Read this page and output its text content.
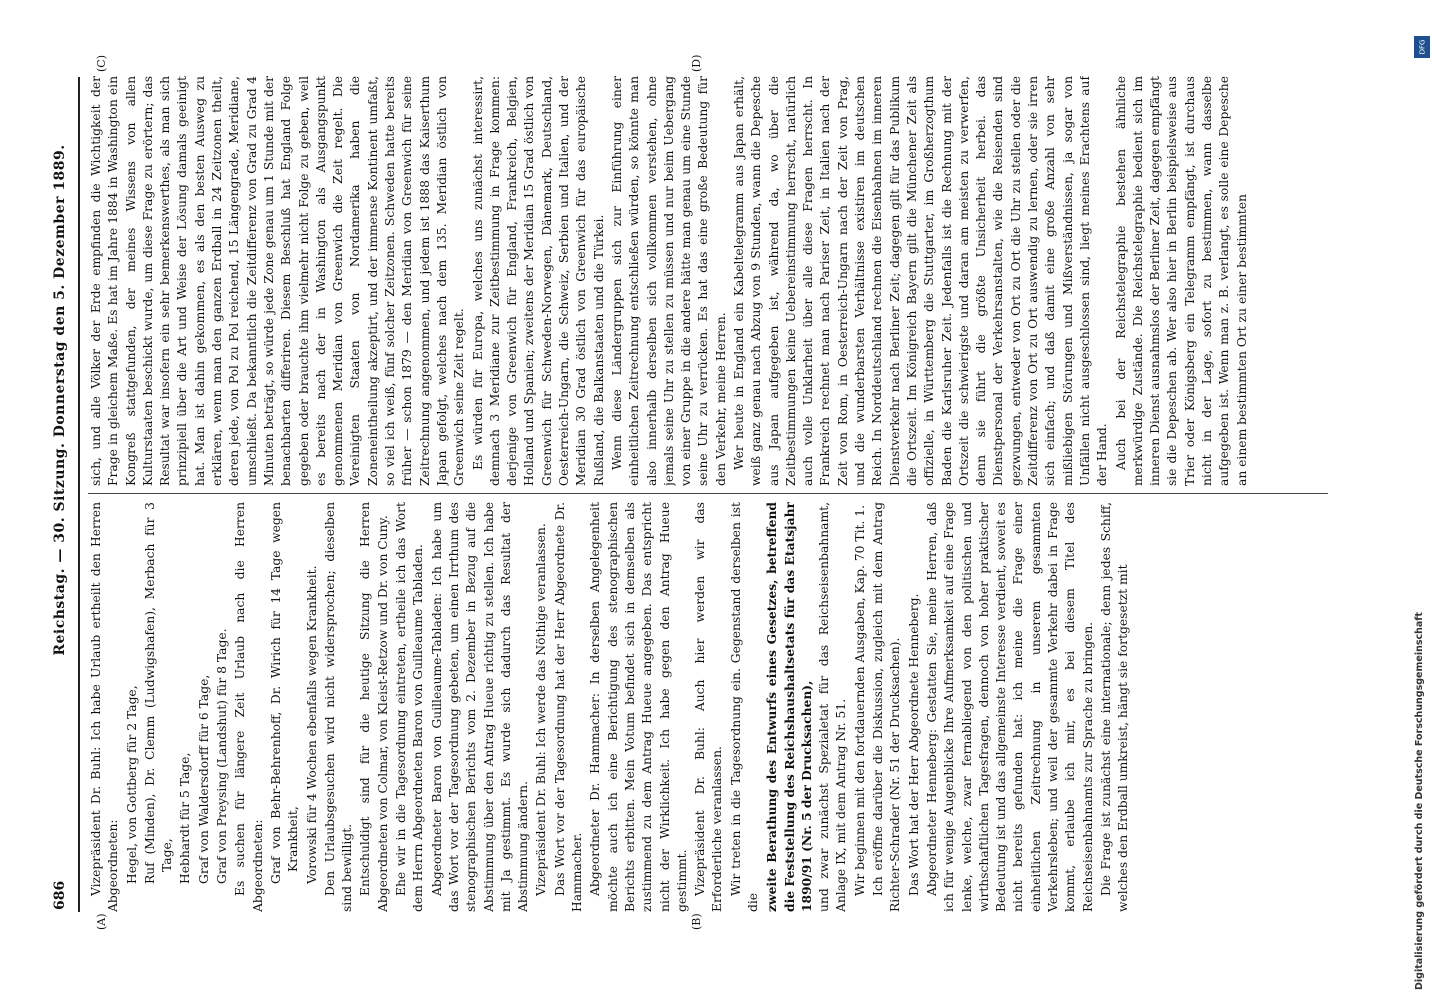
686
Reichstag. — 30. Sitzung. Donnerstag den 5. Dezember 1889.
(A)	(B)
(C)	(D)

Vizepräsident Dr. Buhl: Ich habe Urlaub ertheilt den Herren Abgeordneten: Hegel, von Gottberg für 2 Tage, Ruf (Minden), Dr. Clemm (Ludwigshafen), Merbach für 3 Tage, Hebhardt für 5 Tage, Graf von Waldersdorff für 6 Tage, Graf von Preysing (Landshut) für 8 Tage. Es suchen für längere Zeit Urlaub nach die Herren Abgeordneten: Graf von Behr-Behrenhoff, Dr. Wirich für 14 Tage wegen Krankheit, Vorowski für 4 Wochen ebenfalls wegen Krankheit. Den Urlaubsgesuchen wird nicht widersprochen; dieselben sind bewilligt. Entschuldigt sind für die heutige Sitzung die Herren Abgeordneten von Colmar, von Kleist-Retzow und Dr. von Cuny. Ehe wir in die Tagesordnung eintreten, ertheile ich das Wort dem Herrn Abgeordneten Baron von Guilleaume Tabladen. Abgeordneter Baron von Guilleaume-Tabladen: Ich habe um das Wort vor der Tagesordnung gebeten, um einen Irrthum des stenographischen Berichts vom 2. Dezember in Bezug auf die Abstimmung über den Antrag Hueue richtig zu stellen. Ich habe mit Ja gestimmt. Es wurde sich dadurch das Resultat der Abstimmung ändern. Vizepräsident Dr. Buhl: Ich werde das Nöthige veranlassen. Das Wort vor der Tagesordnung hat der Herr Abgeordnete Dr. Hammacher. Abgeordneter Dr. Hammacher: In derselben Angelegenheit möchte auch ich eine Berichtigung des stenographischen Berichts erbitten. Mein Votum befindet sich in demselben als zustimmend zu dem Antrag Hueue angegeben. Das entspricht nicht der Wirklichkeit. Ich habe gegen den Antrag Hueue gestimmt. Vizepräsident Dr. Buhl: Auch hier werden wir das Erforderliche veranlassen. Wir treten in die Tagesordnung ein. Gegenstand derselben ist die zweite Berathung des Entwurfs eines Gesetzes, betreffend die Feststellung des Reichshaushaltsetats für das Etatsjahr 1890/91 (Nr. 5 der Drucksachen), und zwar zunächst Spezialetat für das Reichseisenbahnamt, Anlage IX, mit dem Antrag Nr. 51. Wir beginnen mit den fortdauernden Ausgaben, Kap. 70 Tit. 1. Ich eröffne darüber die Diskussion, zugleich mit dem Antrag Richter-Schrader (Nr. 51 der Drucksachen). Das Wort hat der Herr Abgeordnete Henneberg. Abgeordneter Henneberg: Gestatten Sie, meine Herren, daß ich für wenige Augenblicke Ihre Aufmerksamkeit auf eine Frage lenke, welche, zwar fernabliegend von den politischen und wirthschaftlichen Tagesfragen, dennoch von hoher praktischer Bedeutung ist und das allgemeinste Interesse verdient, soweit es nicht bereits gefunden hat: ich meine die Frage einer einheitlichen Zeitrechnung in unserem gesammten Verkehrsleben; und weil der gesammte Verkehr dabei in Frage kommt, erlaube ich mir, es bei diesem Titel des Reichseisenbahnamts zur Sprache zu bringen. Die Frage ist zunächst eine internationale; denn jedes Schiff, welches den Erdball umkreist, hängt sie fortgesetzt mit

sich, und alle Völker der Erde empfinden die Wichtigkeit der Frage in gleichem Maße. Es hat im Jahre 1884 in Washington ein Kongreß stattgefunden, der meines Wissens von allen Kulturstaaten beschickt wurde, um diese Frage zu erörtern; das Resultat war insofern ein sehr bemerkenswerthes, als man sich prinzipiell über die Art und Weise der Lösung damals geeinigt hat. Man ist dahin gekommen, es als den besten Ausweg zu erklären, wenn man den ganzen Erdball in 24 Zeitzonen theilt, deren jede, von Pol zu Pol reichend, 15 Längengrade, Meridiane, umschließt. Da bekanntlich die Zeitdifferenz von Grad zu Grad 4 Minuten beträgt, so würde jede Zone genau um 1 Stunde mit der benachbarten differiren. Diesem Beschluß hat England Folge gegeben oder brauchte ihm vielmehr nicht Folge zu geben, weil es bereits nach der in Washington als Ausgangspunkt genommenen Meridian von Greenwich die Zeit regelt. Die Vereinigten Staaten von Nordamerika haben die Zoneneintheilung akzeptirt, und der immense Kontinent umfaßt, so viel ich weiß, fünf solcher Zeitzonen. Schweden hatte bereits früher — schon 1879 — den Meridian von Greenwich für seine Zeitrechnung angenommen, und jedem ist 1888 das Kaiserthum Japan gefolgt, welches nach dem 135. Meridian östlich von Greenwich seine Zeit regelt. Es würden für Europa, welches uns zunächst interessirt, demnach 3 Meridiane zur Zeitbestimmung in Frage kommen: derjenige von Greenwich für England, Frankreich, Belgien, Holland und Spanien; zweitens der Meridian 15 Grad östlich von Greenwich für Schweden-Norwegen, Dänemark, Deutschland, Oesterreich-Ungarn, die Schweiz, Serbien und Italien, und der Meridian 30 Grad östlich von Greenwich für das europäische Rußland, die Balkanstaaten und die Türkei. Wenn diese Ländergruppen sich zur Einführung einer einheitlichen Zeitrechnung entschließen würden, so könnte man also innerhalb derselben sich vollkommen verstehen, ohne jemals seine Uhr zu stellen zu müssen und nur beim Uebergang von einer Gruppe in die andere hätte man genau um eine Stunde seine Uhr zu verrücken. Es hat das eine große Bedeutung für den Verkehr, meine Herren. Wer heute in England ein Kabeltelegramm aus Japan erhält, weiß ganz genau nach Abzug von 9 Stunden, wann die Depesche aus Japan aufgegeben ist, während da, wo über die Zeitbestimmungen keine Uebereinstimmung herrscht, natürlich auch volle Unklarheit über alle diese Fragen herrscht. In Frankreich rechnet man nach Pariser Zeit, in Italien nach der Zeit von Rom, in Oesterreich-Ungarn nach der Zeit von Prag, und die wunderbarsten Verhältnisse existiren im deutschen Reich. In Norddeutschland rechnen die Eisenbahnen im inneren Dienstverkehr nach Berliner Zeit; dagegen gilt für das Publikum die Ortszeit. Im Königreich Bayern gilt die Münchener Zeit als offizielle, in Württemberg die Stuttgarter, im Großherzogthum Baden die Karlsruher Zeit. Jedenfalls ist die Rechnung mit der Ortszeit die schwierigste und daran am meisten zu verwerfen, denn sie führt die größte Unsicherheit herbei. das Dienstpersonal der Verkehrsanstalten, wie die Reisenden sind gezwungen, entweder von Ort zu Ort die Uhr zu stellen oder die Zeitdifferenz von Ort zu Ort auswendig zu lernen, oder sie irren sich einfach; und daß damit eine große Anzahl von sehr mißliebigen Störungen und Mißverständnissen, ja sogar von Unfällen nicht ausgeschlossen sind, liegt meines Erachtens auf der Hand. Auch bei der Reichstelegraphie bestehen ähnliche merkwürdige Zustände. Die Reichstelegraphie bedient sich im inneren Dienst ausnahmslos der Berliner Zeit, dagegen empfängt sie die Depeschen ab. Wer also hier in Berlin beispielsweise aus Trier oder Königsberg ein Telegramm empfängt, ist durchaus nicht in der Lage, sofort zu bestimmen, wann dasselbe aufgegeben ist. Wenn man z. B. verlangt, es solle eine Depesche an einem bestimmten Ort zu einer bestimmten

Digitalisierung gefördert durch die Deutsche Forschungsgemeinschaft
DFG
